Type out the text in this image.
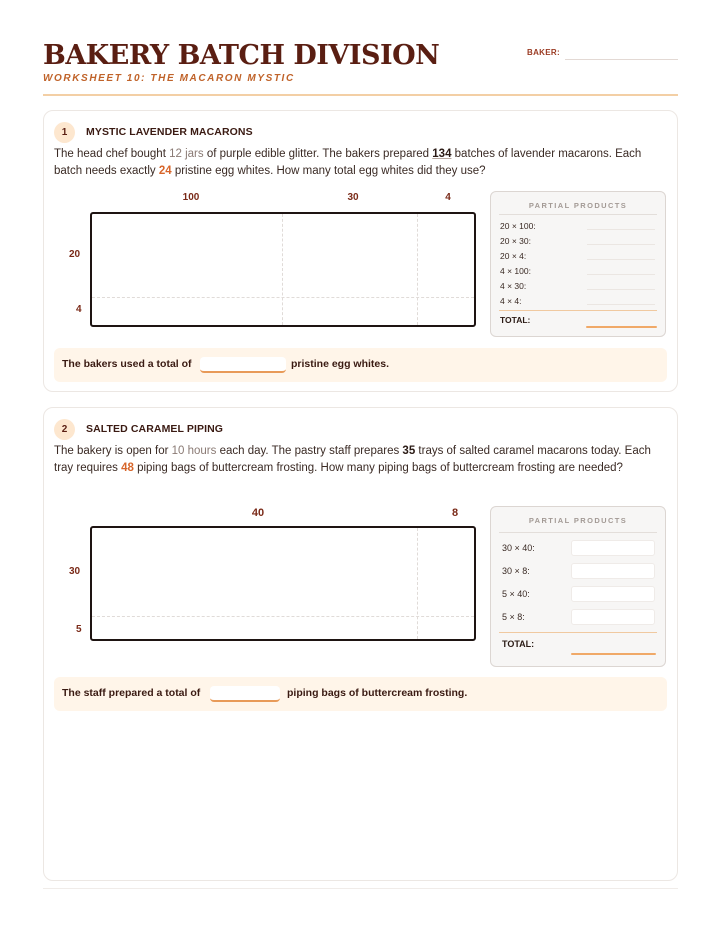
BAKERY BATCH DIVISION
WORKSHEET 10: THE MACARON MYSTIC
BAKER:
1	MYSTIC LAVENDER MACARONS
The head chef bought 12 jars of purple edible glitter. The bakers prepared 134 batches of lavender macarons. Each batch needs exactly 24 pristine egg whites. How many total egg whites did they use?
100	30	4
20
4
PARTIAL PRODUCTS
20 × 100:
20 × 30:
20 × 4:
4 × 100:
4 × 30:
4 × 4:
TOTAL:
The bakers used a total of	pristine egg whites.
2	SALTED CARAMEL PIPING
The bakery is open for 10 hours each day. The pastry staff prepares 35 trays of salted caramel macarons today. Each tray requires 48 piping bags of buttercream frosting. How many piping bags of buttercream frosting are needed?
40	8
30
5
PARTIAL PRODUCTS
30 × 40:
30 × 8:
5 × 40:
5 × 8:
TOTAL:
The staff prepared a total of	piping bags of buttercream frosting.
